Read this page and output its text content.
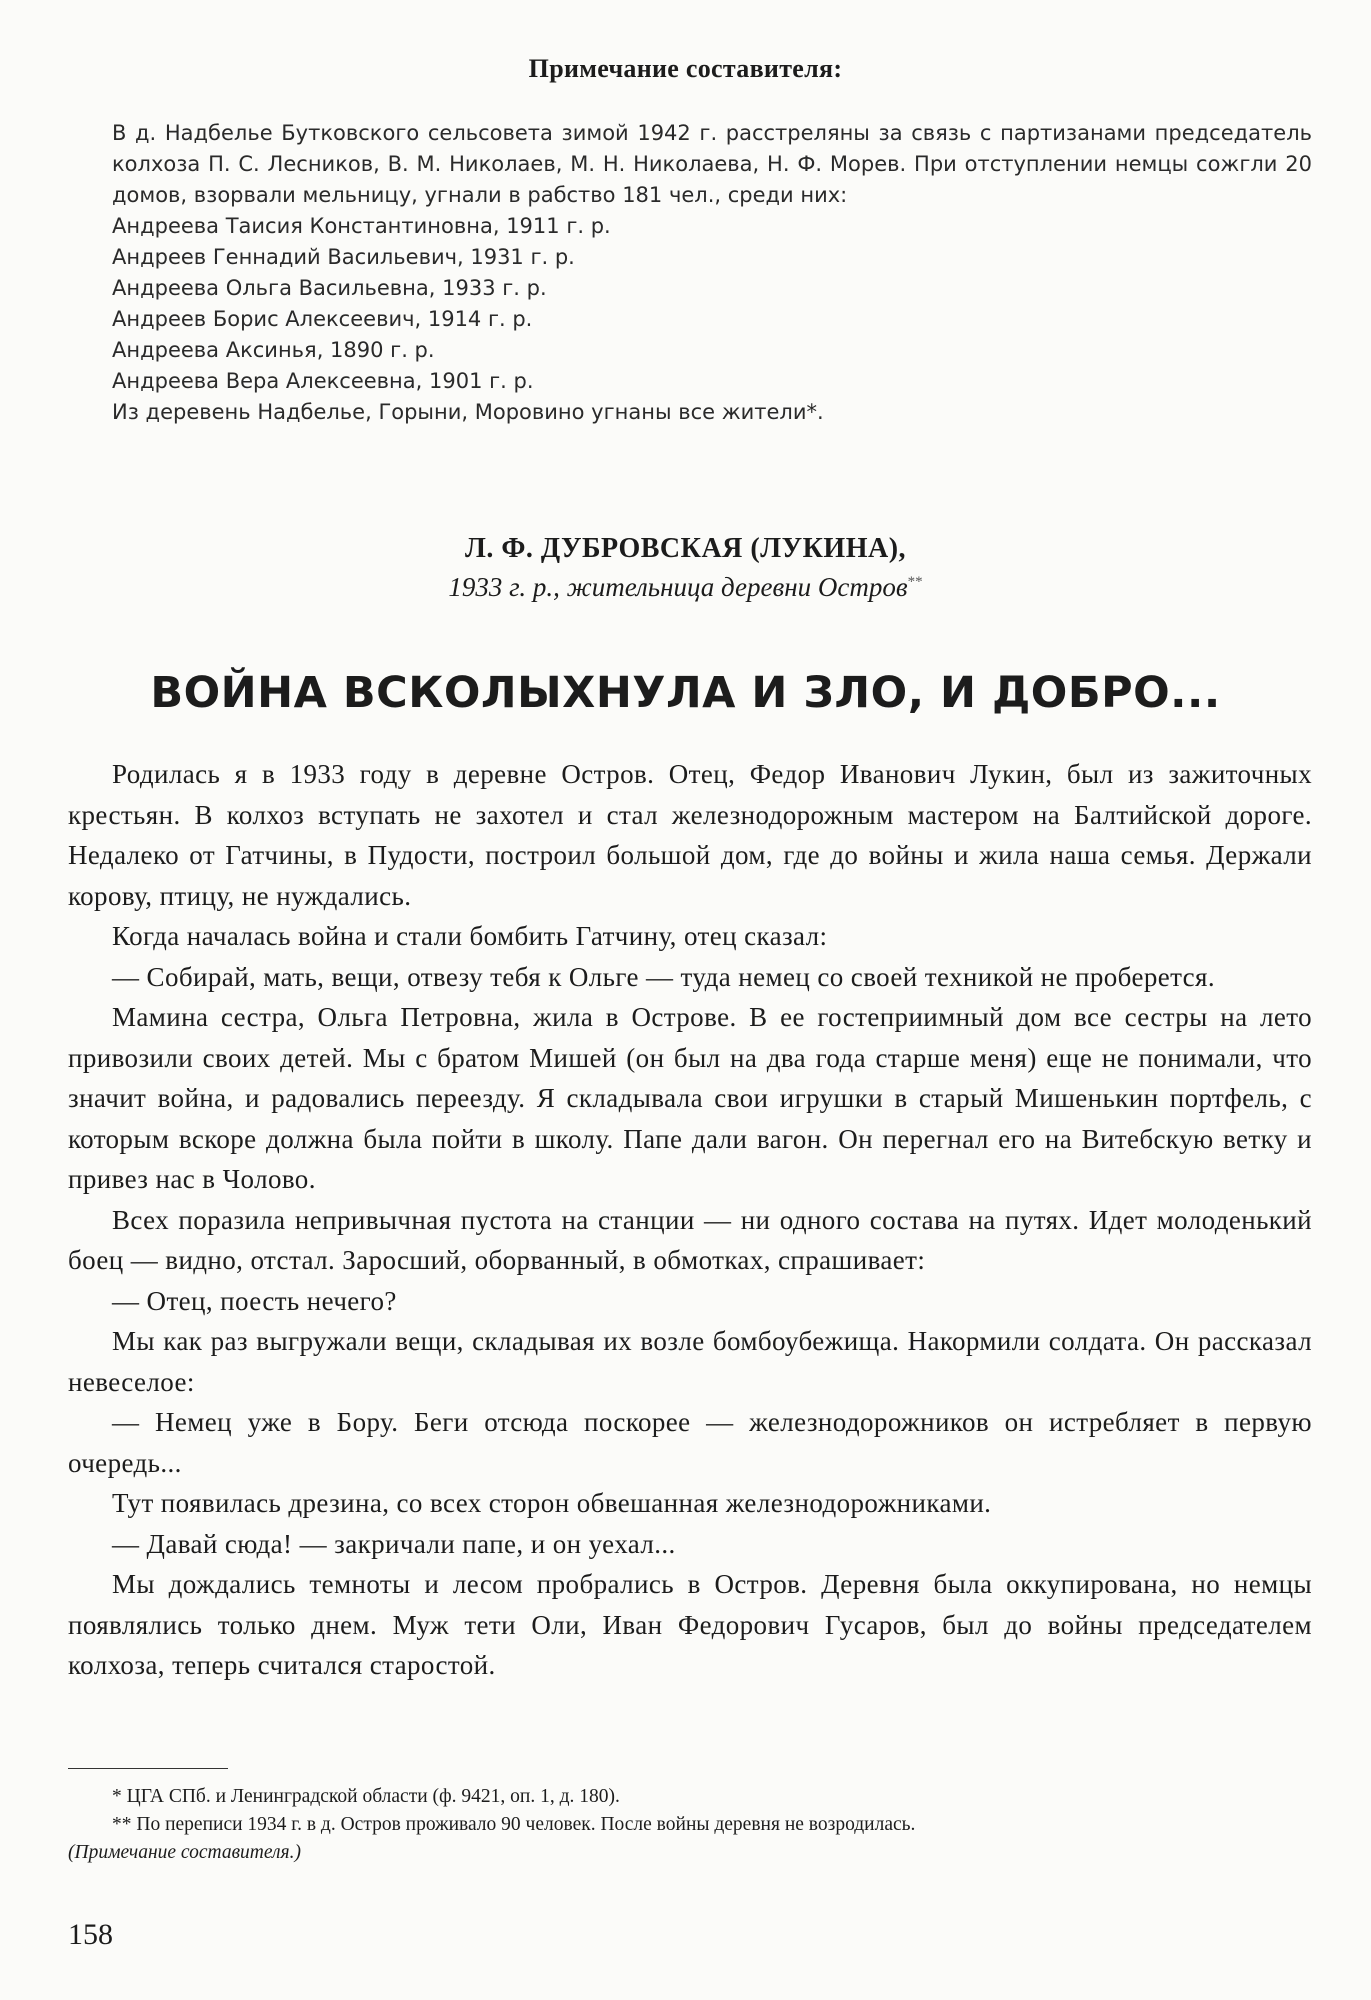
Примечание составителя:

В д. Надбелье Бутковского сельсовета зимой 1942 г. расстреляны за связь с партизанами председатель колхоза П. С. Лесников, В. М. Николаев, М. Н. Николаева, Н. Ф. Морев. При отступлении немцы сожгли 20 домов, взорвали мельницу, угнали в рабство 181 чел., среди них:

Андреева Таисия Константиновна, 1911 г. р.
Андреев Геннадий Васильевич, 1931 г. р.
Андреева Ольга Васильевна, 1933 г. р.
Андреев Борис Алексеевич, 1914 г. р.
Андреева Аксинья, 1890 г. р.
Андреева Вера Алексеевна, 1901 г. р.
Из деревень Надбелье, Горыни, Моровино угнаны все жители*.
Л. Ф. ДУБРОВСКАЯ (ЛУКИНА),
1933 г. р., жительница деревни Остров**
ВОЙНА ВСКОЛЫХНУЛА И ЗЛО, И ДОБРО...

Родилась я в 1933 году в деревне Остров. Отец, Федор Иванович Лукин, был из зажиточных крестьян. В колхоз вступать не захотел и стал железнодорожным мастером на Балтийской дороге. Недалеко от Гатчины, в Пудости, построил большой дом, где до войны и жила наша семья. Держали корову, птицу, не нуждались.

Когда началась война и стали бомбить Гатчину, отец сказал:

— Собирай, мать, вещи, отвезу тебя к Ольге — туда немец со своей техникой не проберется.

Мамина сестра, Ольга Петровна, жила в Острове. В ее гостеприимный дом все сестры на лето привозили своих детей. Мы с братом Мишей (он был на два года старше меня) еще не понимали, что значит война, и радовались переезду. Я складывала свои игрушки в старый Мишенькин портфель, с которым вскоре должна была пойти в школу. Папе дали вагон. Он перегнал его на Витебскую ветку и привез нас в Чолово.

Всех поразила непривычная пустота на станции — ни одного состава на путях. Идет молоденький боец — видно, отстал. Заросший, оборванный, в обмотках, спрашивает:

— Отец, поесть нечего?

Мы как раз выгружали вещи, складывая их возле бомбоубежища. Накормили солдата. Он рассказал невеселое:

— Немец уже в Бору. Беги отсюда поскорее — железнодорожников он истребляет в первую очередь...

Тут появилась дрезина, со всех сторон обвешанная железнодорожниками.

— Давай сюда! — закричали папе, и он уехал...

Мы дождались темноты и лесом пробрались в Остров. Деревня была оккупирована, но немцы появлялись только днем. Муж тети Оли, Иван Федорович Гусаров, был до войны председателем колхоза, теперь считался старостой.

* ЦГА СПб. и Ленинградской области (ф. 9421, оп. 1, д. 180).

** По переписи 1934 г. в д. Остров проживало 90 человек. После войны деревня не возродилась.

(Примечание составителя.)
158
